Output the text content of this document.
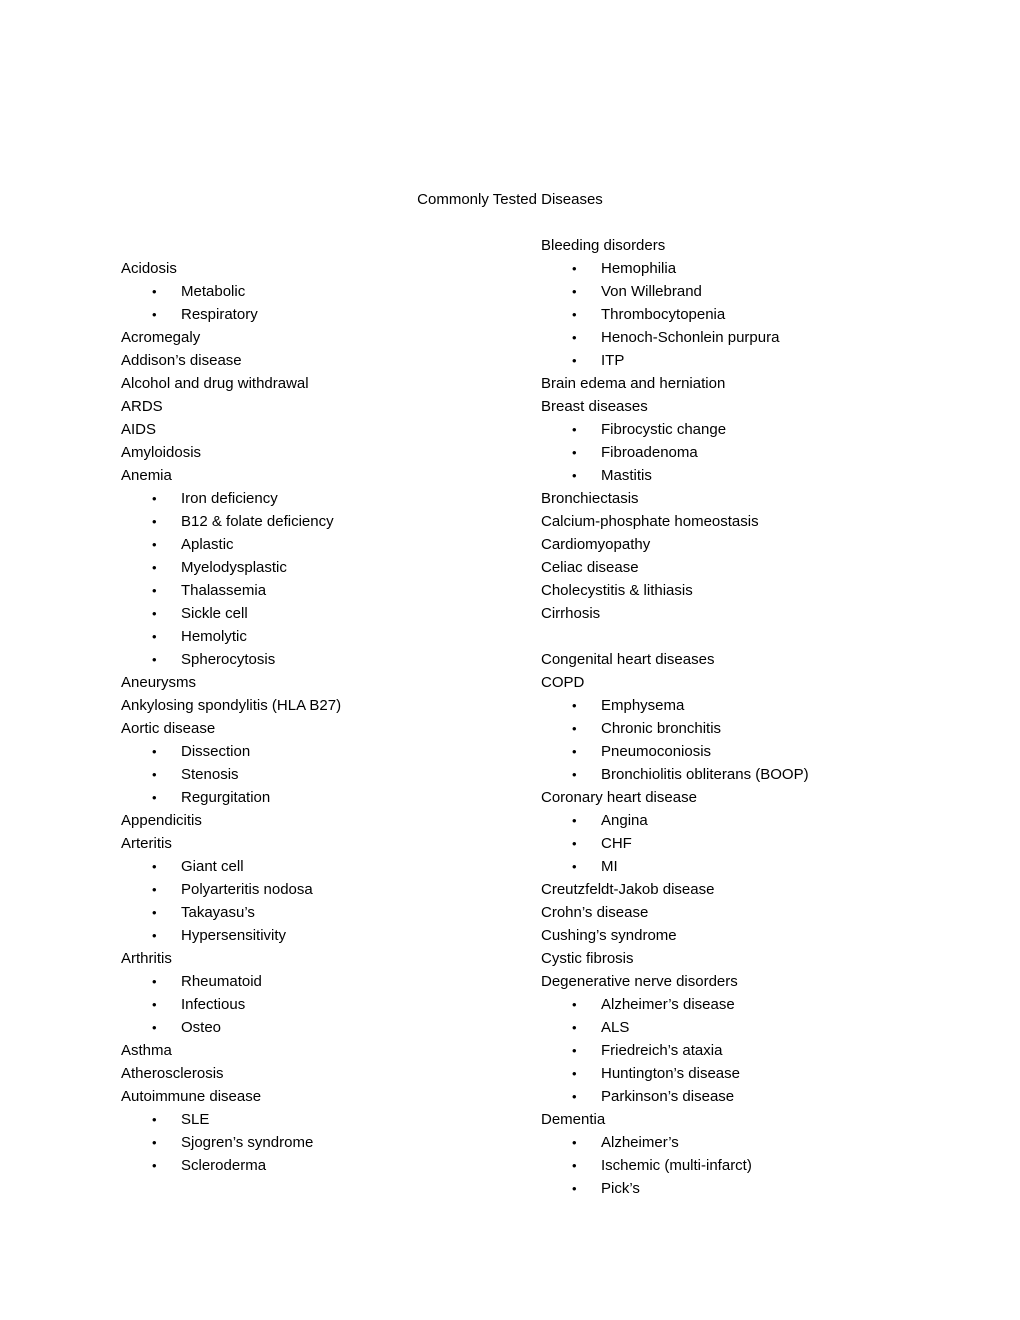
Commonly Tested Diseases
Acidosis
•	Metabolic
•	Respiratory
Acromegaly
Addison’s disease
Alcohol and drug withdrawal
ARDS
AIDS
Amyloidosis
Anemia
•	Iron deficiency
•	B12 & folate deficiency
•	Aplastic
•	Myelodysplastic
•	Thalassemia
•	Sickle cell
•	Hemolytic
•	Spherocytosis
Aneurysms
Ankylosing spondylitis (HLA B27)
Aortic disease
•	Dissection
•	Stenosis
•	Regurgitation
Appendicitis
Arteritis
•	Giant cell
•	Polyarteritis nodosa
•	Takayasu’s
•	Hypersensitivity
Arthritis
•	Rheumatoid
•	Infectious
•	Osteo
Asthma
Atherosclerosis
Autoimmune disease
•	SLE
•	Sjogren’s syndrome
•	Scleroderma
Bleeding disorders
•	Hemophilia
•	Von Willebrand
•	Thrombocytopenia
•	Henoch-Schonlein purpura
•	ITP
Brain edema and herniation
Breast diseases
•	Fibrocystic change
•	Fibroadenoma
•	Mastitis
Bronchiectasis
Calcium-phosphate homeostasis
Cardiomyopathy
Celiac disease
Cholecystitis & lithiasis
Cirrhosis
Congenital heart diseases
COPD
•	Emphysema
•	Chronic bronchitis
•	Pneumoconiosis
•	Bronchiolitis obliterans (BOOP)
Coronary heart disease
•	Angina
•	CHF
•	MI
Creutzfeldt-Jakob disease
Crohn’s disease
Cushing’s syndrome
Cystic fibrosis
Degenerative nerve disorders
•	Alzheimer’s disease
•	ALS
•	Friedreich’s ataxia
•	Huntington’s disease
•	Parkinson’s disease
Dementia
•	Alzheimer’s
•	Ischemic (multi-infarct)
•	Pick’s
